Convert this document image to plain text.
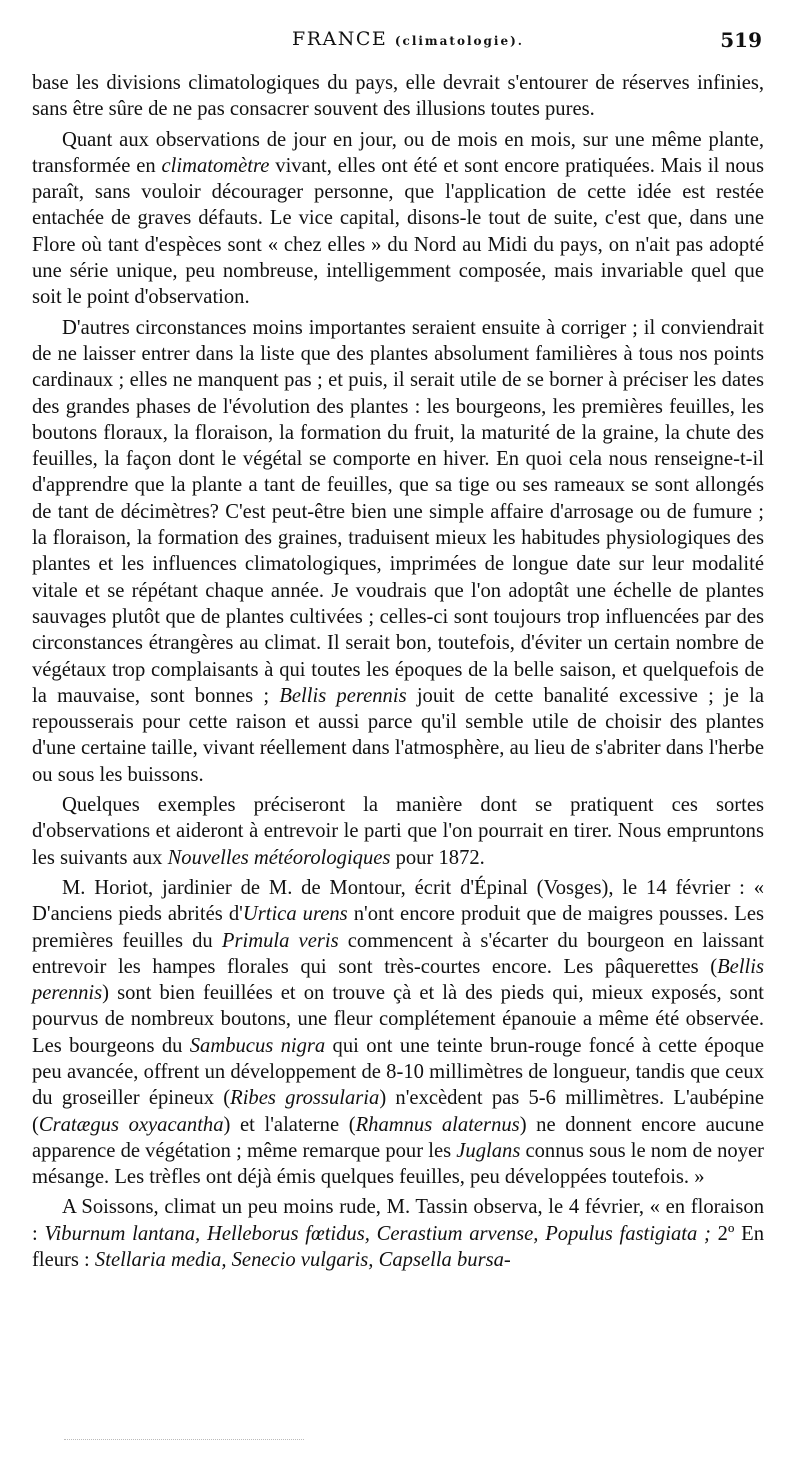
FRANCE (climatologie).	519

base les divisions climatologiques du pays, elle devrait s'entourer de réserves infinies, sans être sûre de ne pas consacrer souvent des illusions toutes pures.

Quant aux observations de jour en jour, ou de mois en mois, sur une même plante, transformée en climatomètre vivant, elles ont été et sont encore pratiquées. Mais il nous paraît, sans vouloir décourager personne, que l'application de cette idée est restée entachée de graves défauts. Le vice capital, disons-le tout de suite, c'est que, dans une Flore où tant d'espèces sont « chez elles » du Nord au Midi du pays, on n'ait pas adopté une série unique, peu nombreuse, intelligemment composée, mais invariable quel que soit le point d'observation.

D'autres circonstances moins importantes seraient ensuite à corriger ; il conviendrait de ne laisser entrer dans la liste que des plantes absolument familières à tous nos points cardinaux ; elles ne manquent pas ; et puis, il serait utile de se borner à préciser les dates des grandes phases de l'évolution des plantes : les bourgeons, les premières feuilles, les boutons floraux, la floraison, la formation du fruit, la maturité de la graine, la chute des feuilles, la façon dont le végétal se comporte en hiver. En quoi cela nous renseigne-t-il d'apprendre que la plante a tant de feuilles, que sa tige ou ses rameaux se sont allongés de tant de décimètres? C'est peut-être bien une simple affaire d'arrosage ou de fumure ; la floraison, la formation des graines, traduisent mieux les habitudes physiologiques des plantes et les influences climatologiques, imprimées de longue date sur leur modalité vitale et se répétant chaque année. Je voudrais que l'on adoptât une échelle de plantes sauvages plutôt que de plantes cultivées ; celles-ci sont toujours trop influencées par des circonstances étrangères au climat. Il serait bon, toutefois, d'éviter un certain nombre de végétaux trop complaisants à qui toutes les époques de la belle saison, et quelquefois de la mauvaise, sont bonnes ; Bellis perennis jouit de cette banalité excessive ; je la repousserais pour cette raison et aussi parce qu'il semble utile de choisir des plantes d'une certaine taille, vivant réellement dans l'atmosphère, au lieu de s'abriter dans l'herbe ou sous les buissons.

Quelques exemples préciseront la manière dont se pratiquent ces sortes d'observations et aideront à entrevoir le parti que l'on pourrait en tirer. Nous empruntons les suivants aux Nouvelles météorologiques pour 1872.

M. Horiot, jardinier de M. de Montour, écrit d'Épinal (Vosges), le 14 février : « D'anciens pieds abrités d'Urtica urens n'ont encore produit que de maigres pousses. Les premières feuilles du Primula veris commencent à s'écarter du bourgeon en laissant entrevoir les hampes florales qui sont très-courtes encore. Les pâquerettes (Bellis perennis) sont bien feuillées et on trouve çà et là des pieds qui, mieux exposés, sont pourvus de nombreux boutons, une fleur complétement épanouie a même été observée. Les bourgeons du Sambucus nigra qui ont une teinte brun-rouge foncé à cette époque peu avancée, offrent un développement de 8-10 millimètres de longueur, tandis que ceux du groseiller épineux (Ribes grossularia) n'excèdent pas 5-6 millimètres. L'aubépine (Cratægus oxyacantha) et l'alaterne (Rhamnus alaternus) ne donnent encore aucune apparence de végétation ; même remarque pour les Juglans connus sous le nom de noyer mésange. Les trèfles ont déjà émis quelques feuilles, peu développées toutefois. »

A Soissons, climat un peu moins rude, M. Tassin observa, le 4 février, « en floraison : Viburnum lantana, Helleborus fœtidus, Cerastium arvense, Populus fastigiata ; 2º En fleurs : Stellaria media, Senecio vulgaris, Capsella bursa-
